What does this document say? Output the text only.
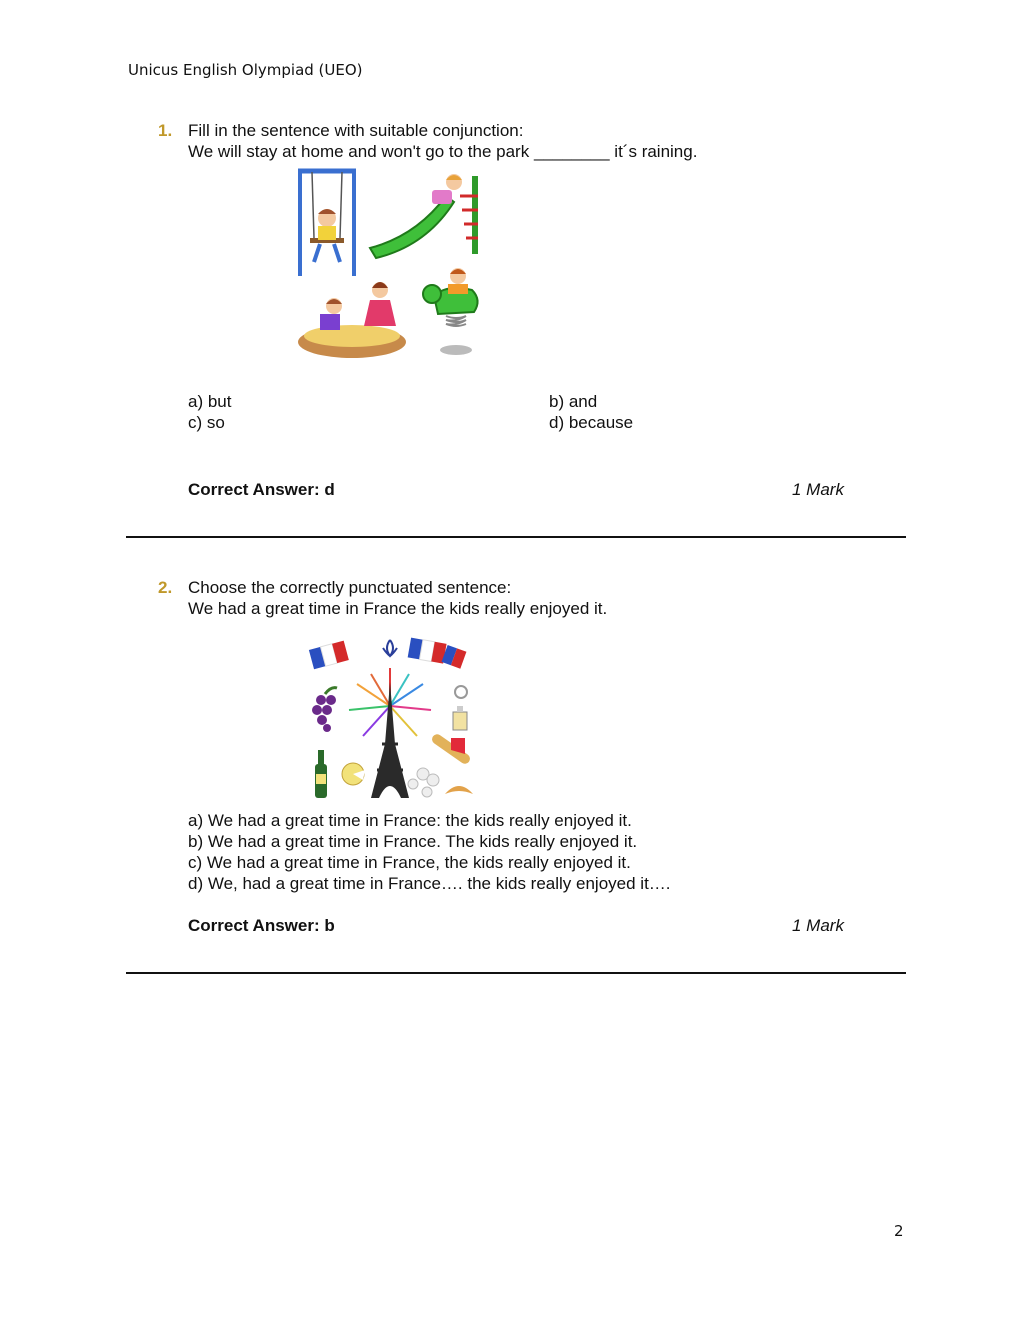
Unicus English Olympiad (UEO)
1. Fill in the sentence with suitable conjunction:
We will stay at home and won't go to the park ________ it´s raining.
a) but	b) and
c) so	d) because
Correct Answer: d	1 Mark
2. Choose the correctly punctuated sentence:
We had a great time in France the kids really enjoyed it.
a) We had a great time in France: the kids really enjoyed it.
b) We had a great time in France. The kids really enjoyed it.
c) We had a great time in France, the kids really enjoyed it.
d) We, had a great time in France…. the kids really enjoyed it….
Correct Answer: b	1 Mark
2
